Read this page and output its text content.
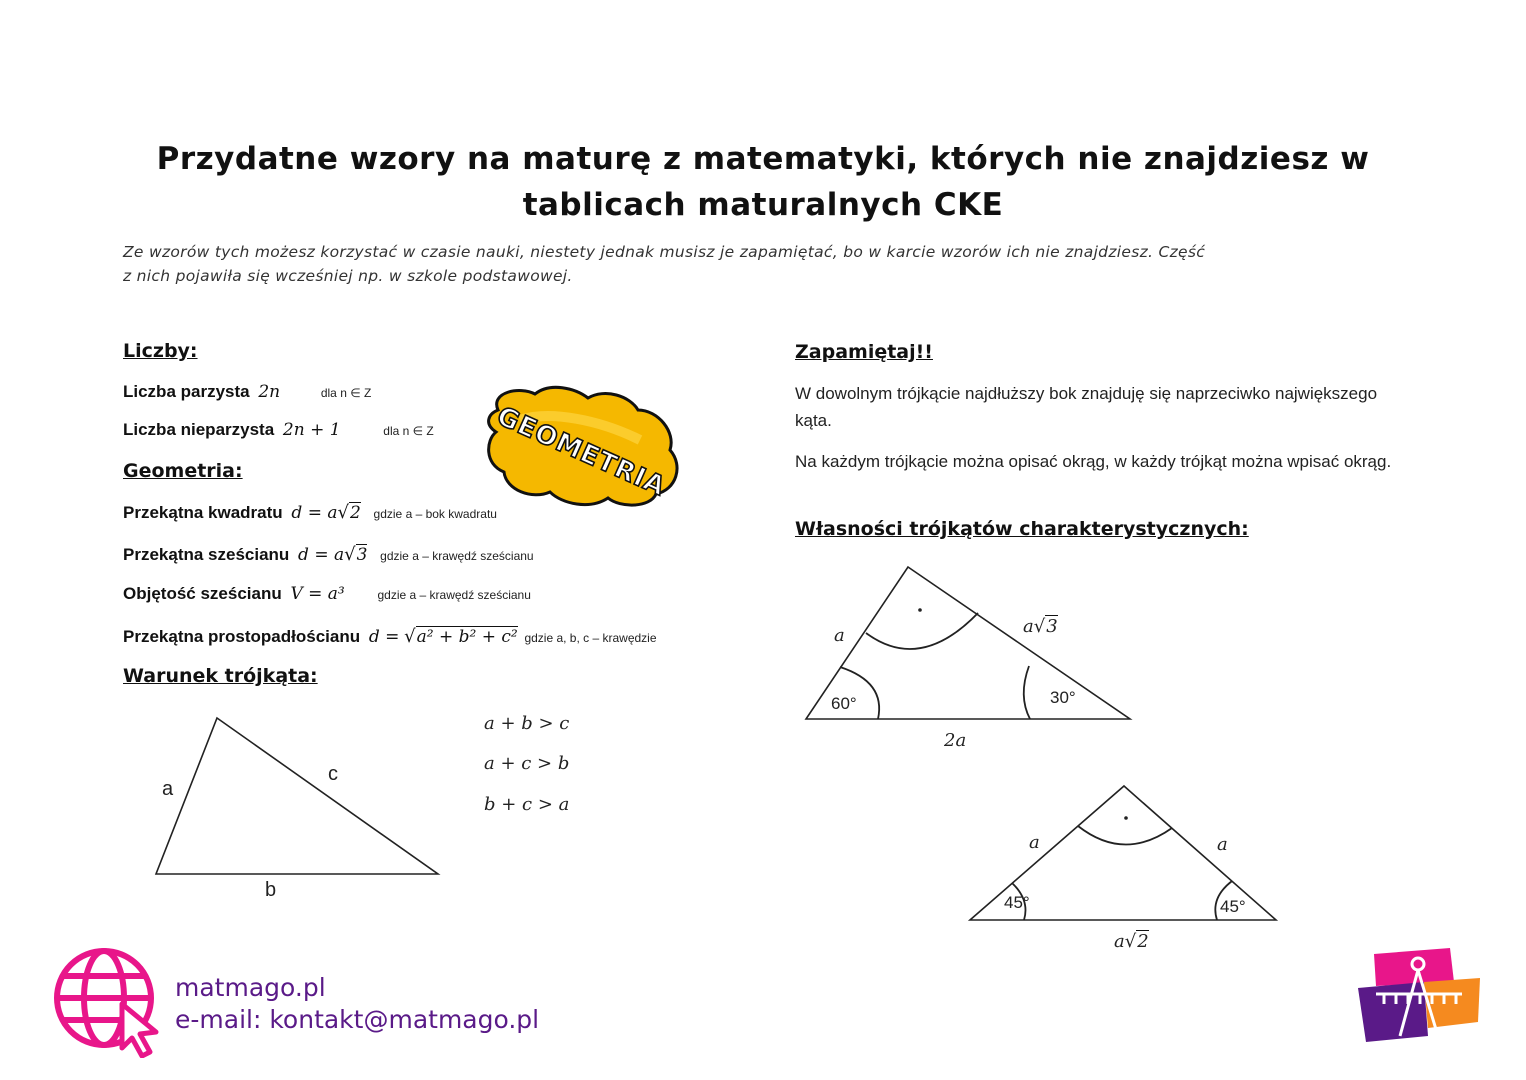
Przydatne wzory na maturę z matematyki, których nie znajdziesz w
tablicach maturalnych CKE
Ze wzorów tych możesz korzystać w czasie nauki, niestety jednak musisz je zapamiętać, bo w karcie wzorów ich nie znajdziesz. Część
z nich pojawiła się wcześniej np. w szkole podstawowej.
Liczby:
Liczba parzysta 2n	dla n ∈ Z
Liczba nieparzysta 2n + 1	dla n ∈ Z GEOMETRIA
Geometria:
Przekątna kwadratu d = a√2 gdzie a – bok kwadratu
Przekątna sześcianu d = a√3 gdzie a – krawędź sześcianu
Objętość sześcianu V = a³	gdzie a – krawędź sześcianu
Przekątna prostopadłościanu d = √a² + b² + c² gdzie a, b, c – krawędzie
Warunek trójkąta:
a
c
b
a + b > c
a + c > b
b + c > a
Zapamiętaj!!
W dowolnym trójkącie najdłuższy bok znajduję się naprzeciwko największego kąta.
Na każdym trójkącie można opisać okrąg, w każdy trójkąt można wpisać okrąg.
Własności trójkątów charakterystycznych:
a	a√3
60°	30°
2a
a	a
45°	45°
a√2
matmago.pl
e-mail: kontakt@matmago.pl
